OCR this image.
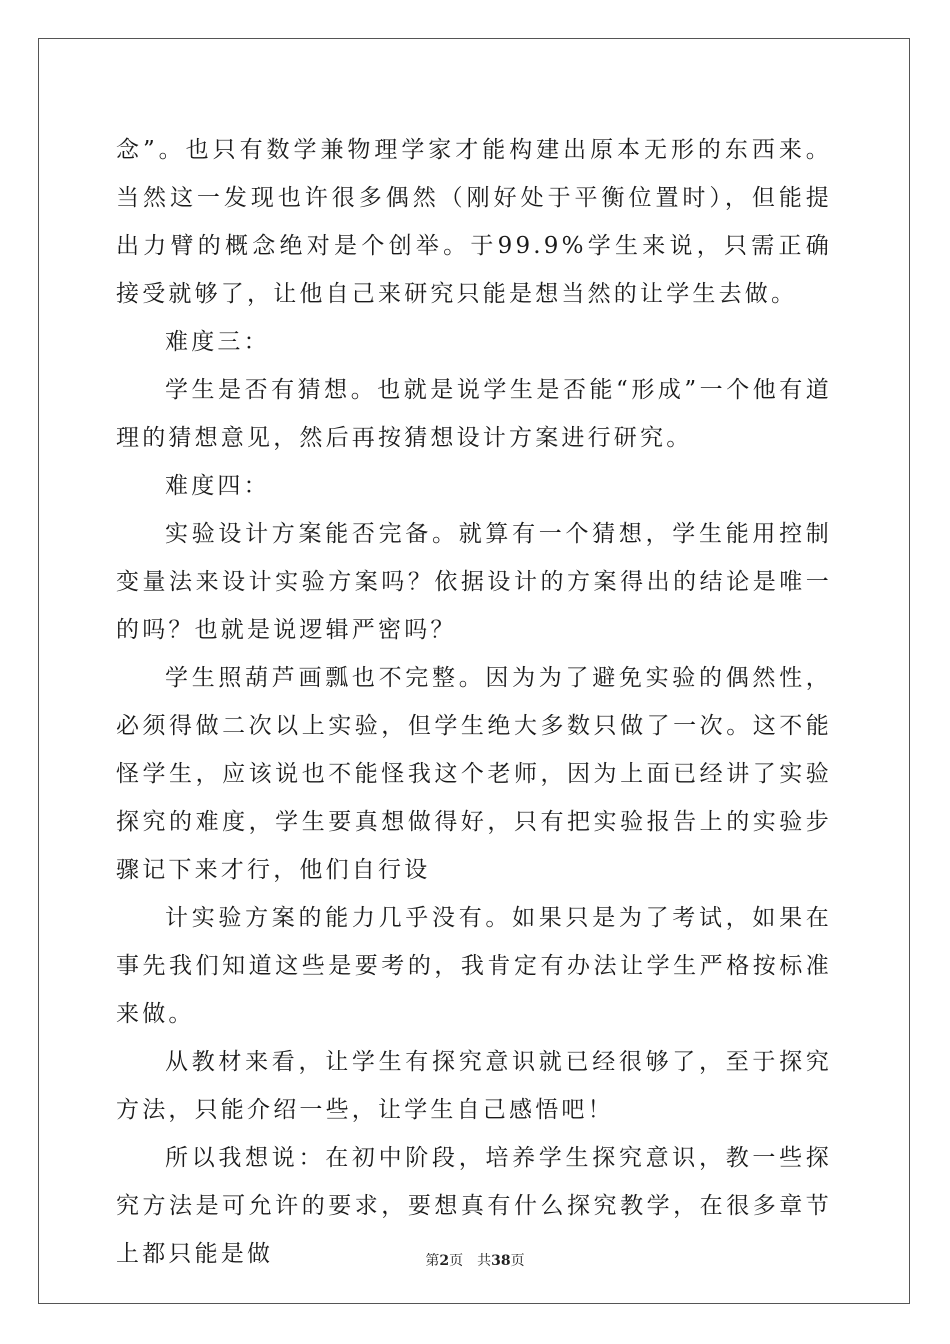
念”。也只有数学兼物理学家才能构建出原本无形的东西来。当然这一发现也许很多偶然（刚好处于平衡位置时），但能提出力臂的概念绝对是个创举。于99.9%学生来说，只需正确接受就够了，让他自己来研究只能是想当然的让学生去做。

难度三：

学生是否有猜想。也就是说学生是否能“形成”一个他有道理的猜想意见，然后再按猜想设计方案进行研究。

难度四：

实验设计方案能否完备。就算有一个猜想，学生能用控制变量法来设计实验方案吗？依据设计的方案得出的结论是唯一的吗？也就是说逻辑严密吗？

学生照葫芦画瓢也不完整。因为为了避免实验的偶然性，必须得做二次以上实验，但学生绝大多数只做了一次。这不能怪学生，应该说也不能怪我这个老师，因为上面已经讲了实验探究的难度，学生要真想做得好，只有把实验报告上的实验步骤记下来才行，他们自行设

计实验方案的能力几乎没有。如果只是为了考试，如果在事先我们知道这些是要考的，我肯定有办法让学生严格按标准来做。

从教材来看，让学生有探究意识就已经很够了，至于探究方法，只能介绍一些，让学生自己感悟吧！

所以我想说：在初中阶段，培养学生探究意识，教一些探究方法是可允许的要求，要想真有什么探究教学，在很多章节上都只能是做	第2页 共38页
